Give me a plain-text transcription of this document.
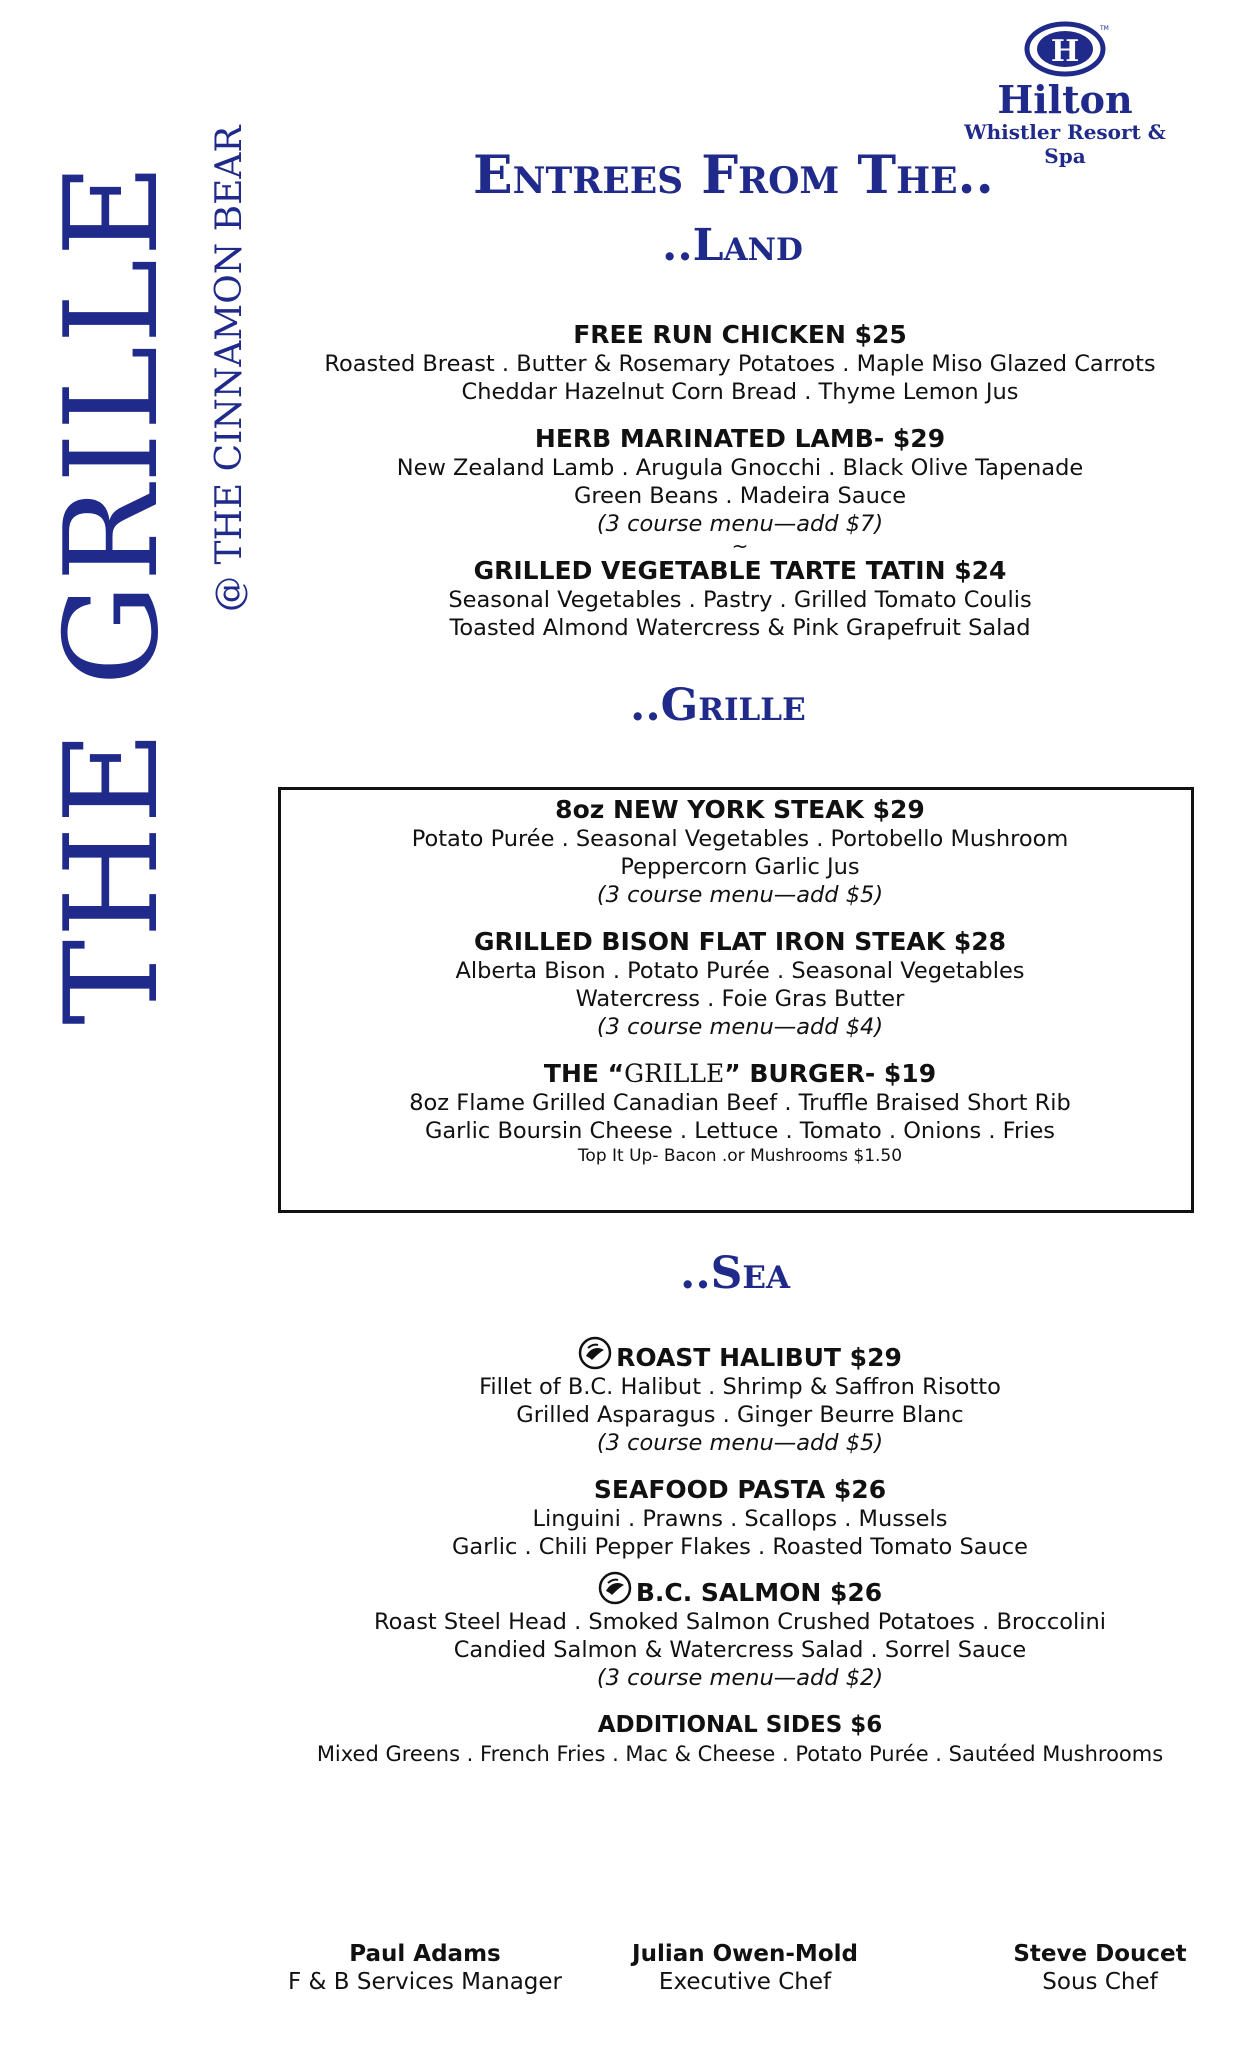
THE GRILLE @ THE CINNAMON BEAR
H
TM
Hilton
Whistler Resort & Spa
Entrees From The..
..Land
..Grille
..Sea
FREE RUN CHICKEN $25
Roasted Breast . Butter & Rosemary Potatoes . Maple Miso Glazed Carrots
Cheddar Hazelnut Corn Bread . Thyme Lemon Jus
HERB MARINATED LAMB- $29
New Zealand Lamb . Arugula Gnocchi . Black Olive Tapenade
Green Beans . Madeira Sauce
(3 course menu—add $7)
~
GRILLED VEGETABLE TARTE TATIN $24
Seasonal Vegetables . Pastry . Grilled Tomato Coulis
Toasted Almond Watercress & Pink Grapefruit Salad
8oz NEW YORK STEAK $29
Potato Purée . Seasonal Vegetables . Portobello Mushroom
Peppercorn Garlic Jus
(3 course menu—add $5)
GRILLED BISON FLAT IRON STEAK $28
Alberta Bison . Potato Purée . Seasonal Vegetables
Watercress . Foie Gras Butter
(3 course menu—add $4)
THE “GRILLE” BURGER- $19
8oz Flame Grilled Canadian Beef . Truffle Braised Short Rib
Garlic Boursin Cheese . Lettuce . Tomato . Onions . Fries
Top It Up- Bacon .or Mushrooms $1.50
ROAST HALIBUT $29
Fillet of B.C. Halibut . Shrimp & Saffron Risotto
Grilled Asparagus . Ginger Beurre Blanc
(3 course menu—add $5)
SEAFOOD PASTA $26
Linguini . Prawns . Scallops . Mussels
Garlic . Chili Pepper Flakes . Roasted Tomato Sauce
B.C. SALMON $26
Roast Steel Head . Smoked Salmon Crushed Potatoes . Broccolini
Candied Salmon & Watercress Salad . Sorrel Sauce
(3 course menu—add $2)
ADDITIONAL SIDES $6
Mixed Greens . French Fries . Mac & Cheese . Potato Purée . Sautéed Mushrooms
Paul Adams
F & B Services Manager
Julian Owen-Mold
Executive Chef
Steve Doucet
Sous Chef
